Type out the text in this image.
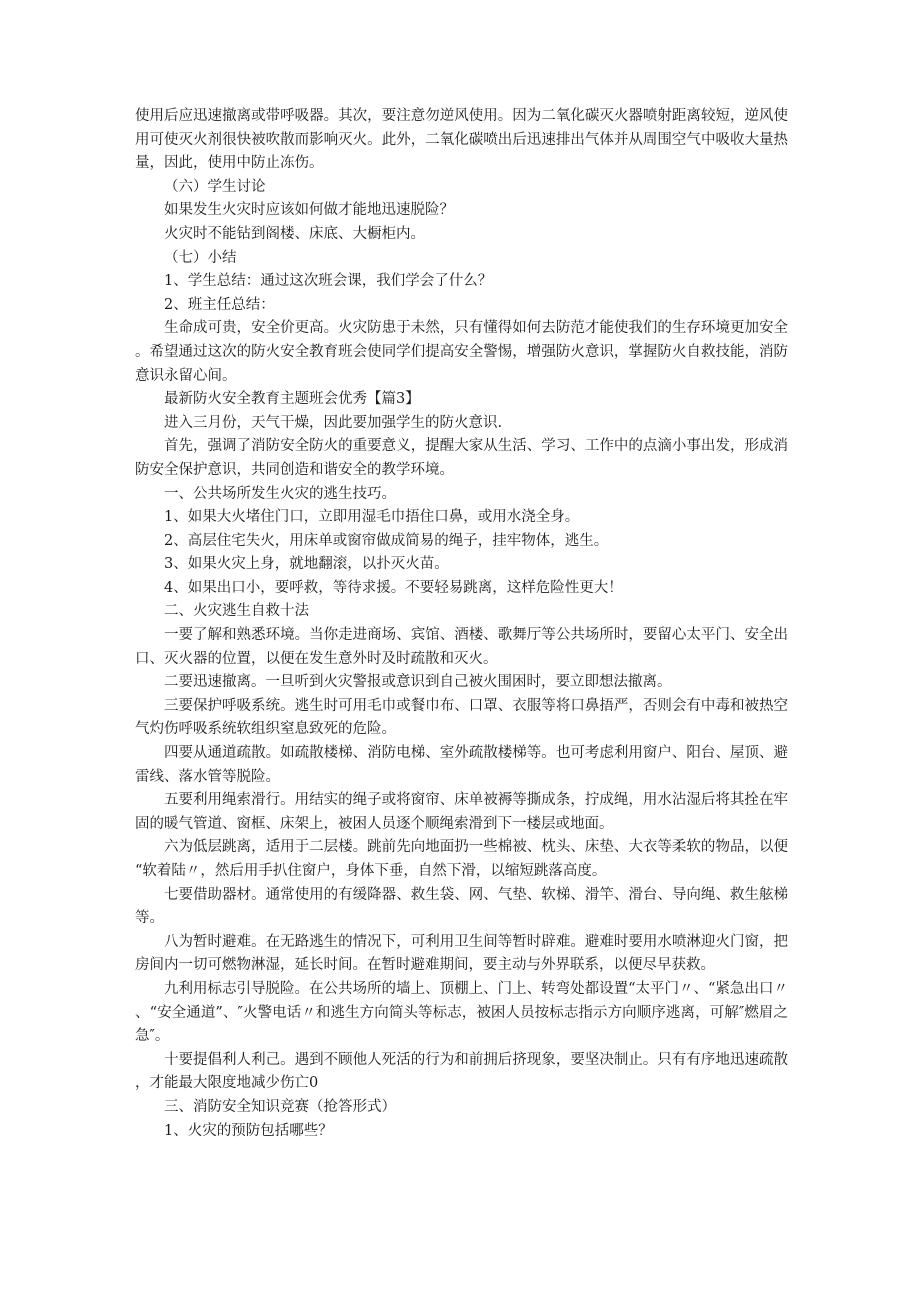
使用后应迅速撤离或带呼吸器。其次，要注意勿逆风使用。因为二氧化碳灭火器喷射距离较短，逆风使用可使灭火剂很快被吹散而影响灭火。此外，二氧化碳喷出后迅速排出气体并从周围空气中吸收大量热量，因此，使用中防止冻伤。

（六）学生讨论

如果发生火灾时应该如何做才能地迅速脱险？

火灾时不能钻到阁楼、床底、大橱柜内。

（七）小结

1、学生总结：通过这次班会课，我们学会了什么？

2、班主任总结：

生命成可贵，安全价更高。火灾防患于未然，只有懂得如何去防范才能使我们的生存环境更加安全。希望通过这次的防火安全教育班会使同学们提高安全警惕，增强防火意识，掌握防火自救技能，消防意识永留心间。

最新防火安全教育主题班会优秀【篇3】

进入三月份，天气干燥，因此要加强学生的防火意识.

首先，强调了消防安全防火的重要意义，提醒大家从生活、学习、工作中的点滴小事出发，形成消防安全保护意识，共同创造和谐安全的教学环境。

一、公共场所发生火灾的逃生技巧。

1、如果大火堵住门口，立即用湿毛巾捂住口鼻，或用水浇全身。

2、高层住宅失火，用床单或窗帘做成简易的绳子，挂牢物体，逃生。

3、如果火灾上身，就地翻滚，以扑灭火苗。

4、如果出口小，要呼救，等待求援。不要轻易跳离，这样危险性更大！

二、火灾逃生自救十法

一要了解和熟悉环境。当你走进商场、宾馆、酒楼、歌舞厅等公共场所时，要留心太平门、安全出口、灭火器的位置，以便在发生意外时及时疏散和灭火。

二要迅速撤离。一旦听到火灾警报或意识到自己被火围困时，要立即想法撤离。

三要保护呼吸系统。逃生时可用毛巾或餐巾布、口罩、衣服等将口鼻捂严，否则会有中毒和被热空气灼伤呼吸系统软组织窒息致死的危险。

四要从通道疏散。如疏散楼梯、消防电梯、室外疏散楼梯等。也可考虑利用窗户、阳台、屋顶、避雷线、落水管等脱险。

五要利用绳索滑行。用结实的绳子或将窗帘、床单被褥等撕成条，拧成绳，用水沾湿后将其拴在牢固的暖气管道、窗框、床架上，被困人员逐个顺绳索滑到下一楼层或地面。

六为低层跳离，适用于二层楼。跳前先向地面扔一些棉被、枕头、床垫、大衣等柔软的物品，以便“软着陆〃，然后用手扒住窗户，身体下垂，自然下滑，以缩短跳落高度。

七要借助器材。通常使用的有缓降器、救生袋、网、气垫、软梯、滑竿、滑台、导向绳、救生舷梯等。

八为暂时避难。在无路逃生的情况下，可利用卫生间等暂时辟难。避难时要用水喷淋迎火门窗，把房间内一切可燃物淋湿，延长时间。在暂时避难期间，要主动与外界联系，以便尽早获救。

九利用标志引导脱险。在公共场所的墙上、顶棚上、门上、转弯处都设置“太平门〃、“紧急出口〃、“安全通道”、″火警电话〃和逃生方向简头等标志，被困人员按标志指示方向顺序逃离，可解″燃眉之急″。

十要提倡利人利己。遇到不顾他人死活的行为和前拥后挤现象，要坚决制止。只有有序地迅速疏散，才能最大限度地减少伤亡0

三、消防安全知识竞赛（抢答形式）

1、火灾的预防包括哪些？
